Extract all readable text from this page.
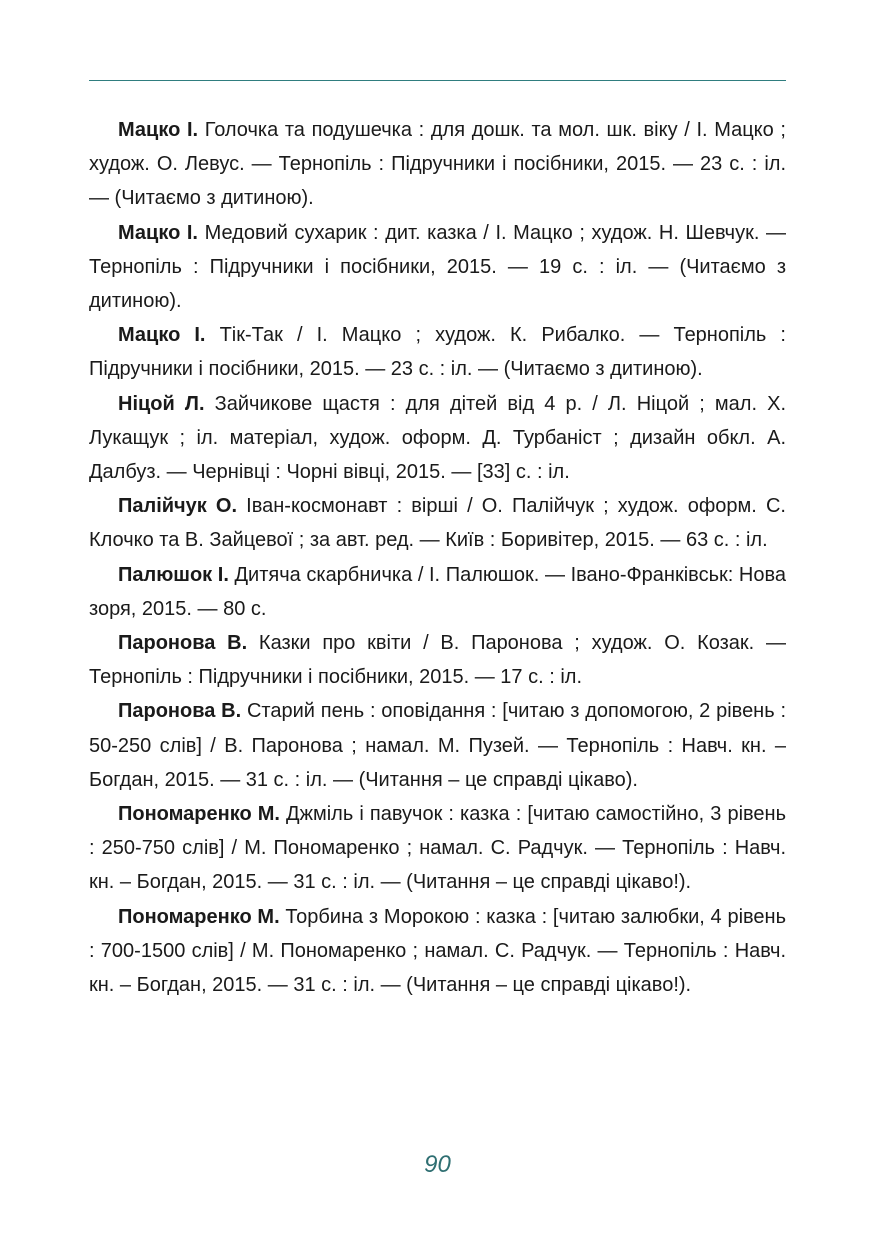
Мацко І. Голочка та подушечка : для дошк. та мол. шк. віку / І. Мацко ; худож. О. Левус. — Тернопіль : Підручники і посібники, 2015. — 23 с. : іл. — (Читаємо з дитиною).

Мацко І. Медовий сухарик : дит. казка / І. Мацко ; худож. Н. Шевчук. — Тернопіль : Підручники і посібники, 2015. — 19 с. : іл. — (Читаємо з дитиною).

Мацко І. Тік-Так / І. Мацко ; худож. К. Рибалко. — Тернопіль : Підручники і посібники, 2015. — 23 с. : іл. — (Читаємо з дитиною).

Ніцой Л. Зайчикове щастя : для дітей від 4 р. / Л. Ніцой ; мал. Х. Лукащук ; іл. матеріал, худож. оформ. Д. Турбаніст ; дизайн обкл. А. Далбуз. — Чернівці : Чорні вівці, 2015. — [33] с. : іл.

Палійчук О. Іван-космонавт : вірші / О. Палійчук ; худож. оформ. С. Клочко та В. Зайцевої ; за авт. ред. — Київ : Боривітер, 2015. — 63 с. : іл.

Палюшок І. Дитяча скарбничка / І. Палюшок. — Івано-Франківськ: Нова зоря, 2015. — 80 с.

Паронова В. Казки про квіти / В. Паронова ; худож. О. Козак. — Тернопіль : Підручники і посібники, 2015. — 17 с. : іл.

Паронова В. Старий пень : оповідання : [читаю з допомогою, 2 рівень : 50-250 слів] / В. Паронова ; намал. М. Пузей. — Тернопіль : Навч. кн. – Богдан, 2015. — 31 с. : іл. — (Читання – це справді цікаво).

Пономаренко М. Джміль і павучок : казка : [читаю самостійно, 3 рівень : 250-750 слів] / М. Пономаренко ; намал. С. Радчук. — Тернопіль : Навч. кн. – Богдан, 2015. — 31 с. : іл. — (Читання – це справді цікаво!).

Пономаренко М. Торбина з Морокою : казка : [читаю залюбки, 4 рівень : 700-1500 слів] / М. Пономаренко ; намал. С. Радчук. — Тернопіль : Навч. кн. – Богдан, 2015. — 31 с. : іл. — (Читання – це справді цікаво!).

90
